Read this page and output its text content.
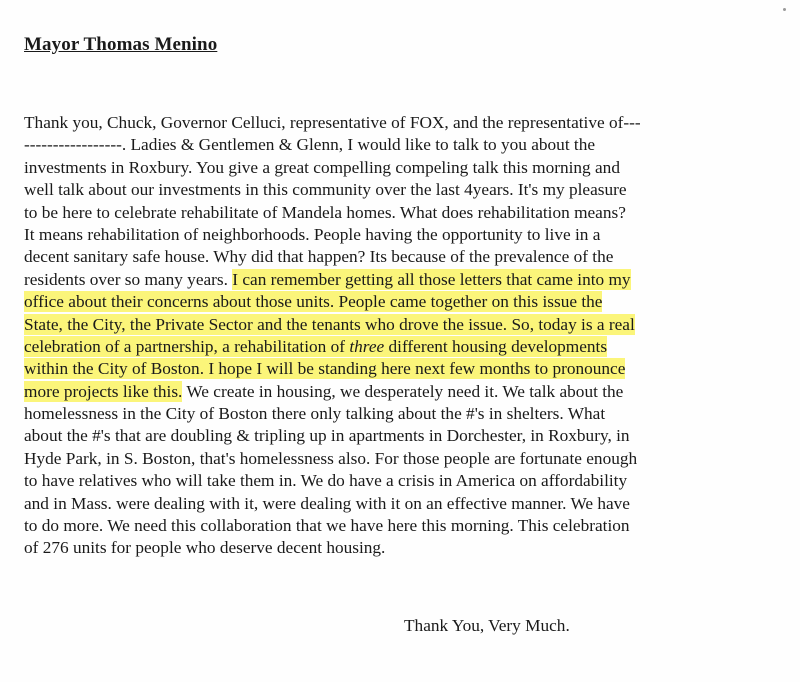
Mayor Thomas Menino
Thank you, Chuck, Governor Celluci, representative of FOX, and the representative of---
-----------------. Ladies & Gentlemen & Glenn, I would like to talk to you about the
investments in Roxbury. You give a great compelling compeling talk this morning and
well talk about our investments in this community over the last 4years. It's my pleasure
to be here to celebrate rehabilitate of Mandela homes. What does rehabilitation means?
It means rehabilitation of neighborhoods. People having the opportunity to live in a
decent sanitary safe house. Why did that happen? Its because of the prevalence of the
residents over so many years. I can remember getting all those letters that came into my
office about their concerns about those units. People came together on this issue the
State, the City, the Private Sector and the tenants who drove the issue. So, today is a real
celebration of a partnership, a rehabilitation of three different housing developments
within the City of Boston. I hope I will be standing here next few months to pronounce
more projects like this. We create in housing, we desperately need it. We talk about the
homelessness in the City of Boston there only talking about the #'s in shelters. What
about the #'s that are doubling & tripling up in apartments in Dorchester, in Roxbury, in
Hyde Park, in S. Boston, that's homelessness also. For those people are fortunate enough
to have relatives who will take them in. We do have a crisis in America on affordability
and in Mass. were dealing with it, were dealing with it on an effective manner. We have
to do more. We need this collaboration that we have here this morning. This celebration
of 276 units for people who deserve decent housing.
Thank You, Very Much.
